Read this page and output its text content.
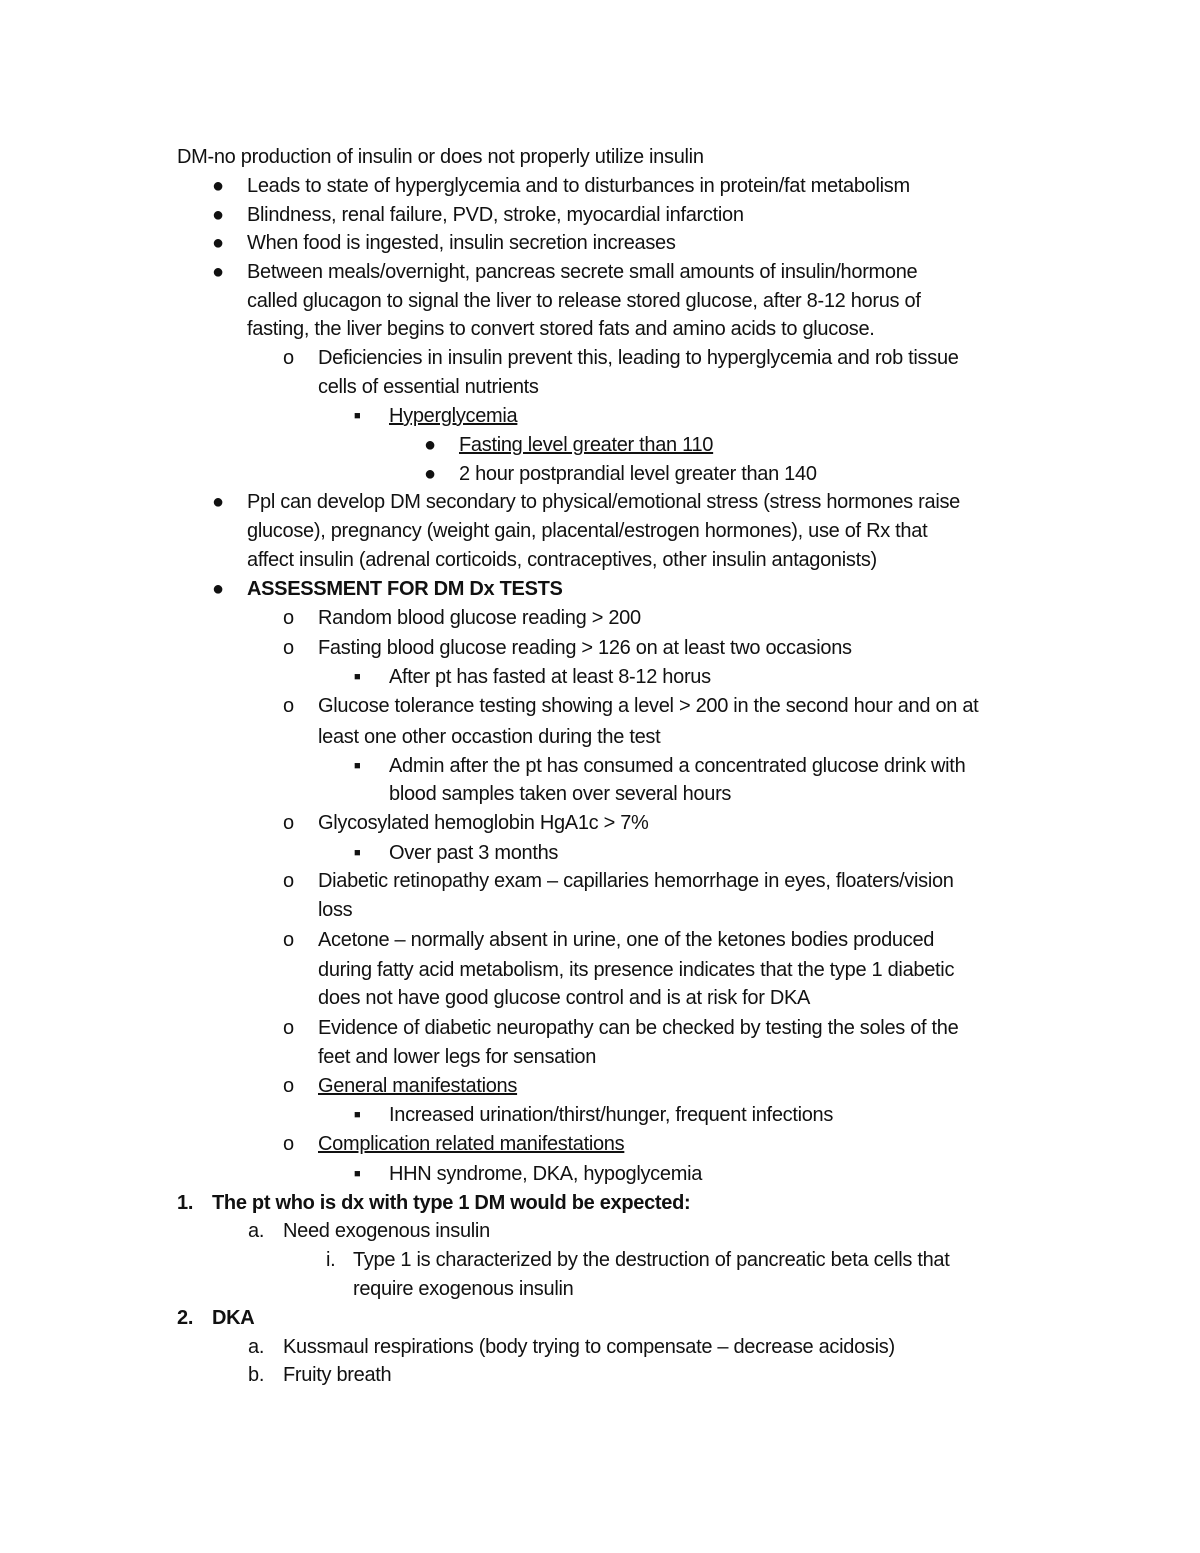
DM-no production of insulin or does not properly utilize insulin
● Leads to state of hyperglycemia and to disturbances in protein/fat metabolism
● Blindness, renal failure, PVD, stroke, myocardial infarction
● When food is ingested, insulin secretion increases
● Between meals/overnight, pancreas secrete small amounts of insulin/hormone
called glucagon to signal the liver to release stored glucose, after 8-12 horus of
fasting, the liver begins to convert stored fats and amino acids to glucose.
o Deficiencies in insulin prevent this, leading to hyperglycemia and rob tissue
cells of essential nutrients
■ Hyperglycemia
● Fasting level greater than 110
● 2 hour postprandial level greater than 140
● Ppl can develop DM secondary to physical/emotional stress (stress hormones raise
glucose), pregnancy (weight gain, placental/estrogen hormones), use of Rx that
affect insulin (adrenal corticoids, contraceptives, other insulin antagonists)
● ASSESSMENT FOR DM Dx TESTS
o Random blood glucose reading > 200
o Fasting blood glucose reading > 126 on at least two occasions
■ After pt has fasted at least 8-12 horus
o Glucose tolerance testing showing a level > 200 in the second hour and on at
least one other occastion during the test
■ Admin after the pt has consumed a concentrated glucose drink with
blood samples taken over several hours
o Glycosylated hemoglobin HgA1c > 7%
■ Over past 3 months
o Diabetic retinopathy exam – capillaries hemorrhage in eyes, floaters/vision
loss
o Acetone – normally absent in urine, one of the ketones bodies produced
during fatty acid metabolism, its presence indicates that the type 1 diabetic
does not have good glucose control and is at risk for DKA
o Evidence of diabetic neuropathy can be checked by testing the soles of the
feet and lower legs for sensation
o General manifestations
■ Increased urination/thirst/hunger, frequent infections
o Complication related manifestations
■ HHN syndrome, DKA, hypoglycemia
1. The pt who is dx with type 1 DM would be expected:
a. Need exogenous insulin
i. Type 1 is characterized by the destruction of pancreatic beta cells that
require exogenous insulin
2. DKA
a. Kussmaul respirations (body trying to compensate – decrease acidosis)
b. Fruity breath
